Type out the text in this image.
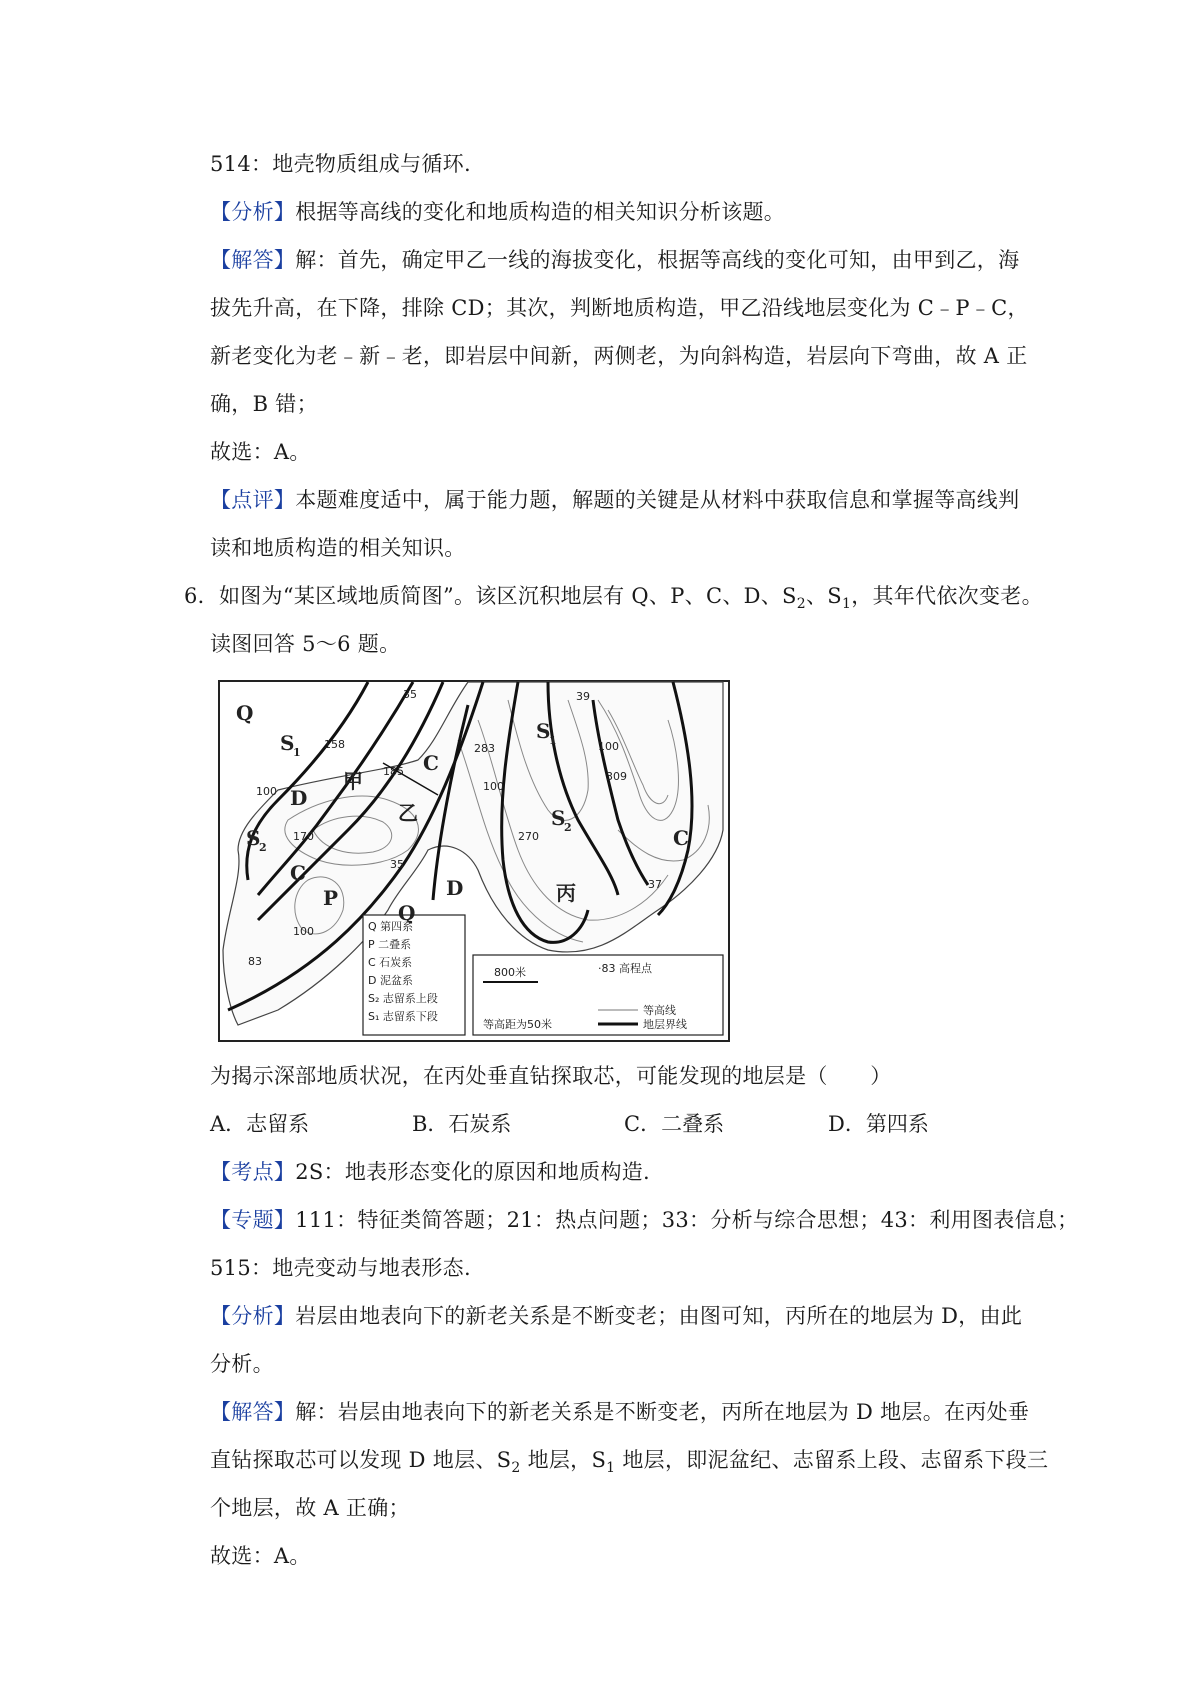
514：地壳物质组成与循环.
【分析】根据等高线的变化和地质构造的相关知识分析该题。
【解答】解：首先，确定甲乙一线的海拔变化，根据等高线的变化可知，由甲到乙，海
拔先升高，在下降，排除 CD；其次，判断地质构造，甲乙沿线地层变化为 C﹣P﹣C，
新老变化为老﹣新﹣老，即岩层中间新，两侧老，为向斜构造，岩层向下弯曲，故 A 正
确，B 错；
故选：A。
【点评】本题难度适中，属于能力题，解题的关键是从材料中获取信息和掌握等高线判
读和地质构造的相关知识。
6．如图为“某区域地质简图”。该区沉积地层有 Q、P、C、D、$S_2$、$S_1$，其年代依次变老。
读图回答 5～6 题。
Q
S
1
S
2
D
C
P
甲
乙
C
D
Q
S
1
S
2
丙
C
35
158
185
283
270
309
39
170
35
37
83
100	100
100
100	Q 第四系
P 二叠系
C 石炭系
D 泥盆系
S₂ 志留系上段
S₁ 志留系下段
800米
等高距为50米
·83 高程点
等高线
地层界线
为揭示深部地质状况，在丙处垂直钻探取芯，可能发现的地层是（　　）
A．志留系	B．石炭系	C．二叠系	D．第四系
【考点】2S：地表形态变化的原因和地质构造.
【专题】111：特征类简答题；21：热点问题；33：分析与综合思想；43：利用图表信息；
515：地壳变动与地表形态.
【分析】岩层由地表向下的新老关系是不断变老；由图可知，丙所在的地层为 D，由此
分析。
【解答】解：岩层由地表向下的新老关系是不断变老，丙所在地层为 D 地层。在丙处垂
直钻探取芯可以发现 D 地层、$S_2$ 地层，$S_1$ 地层，即泥盆纪、志留系上段、志留系下段三
个地层，故 A 正确；
故选：A。
